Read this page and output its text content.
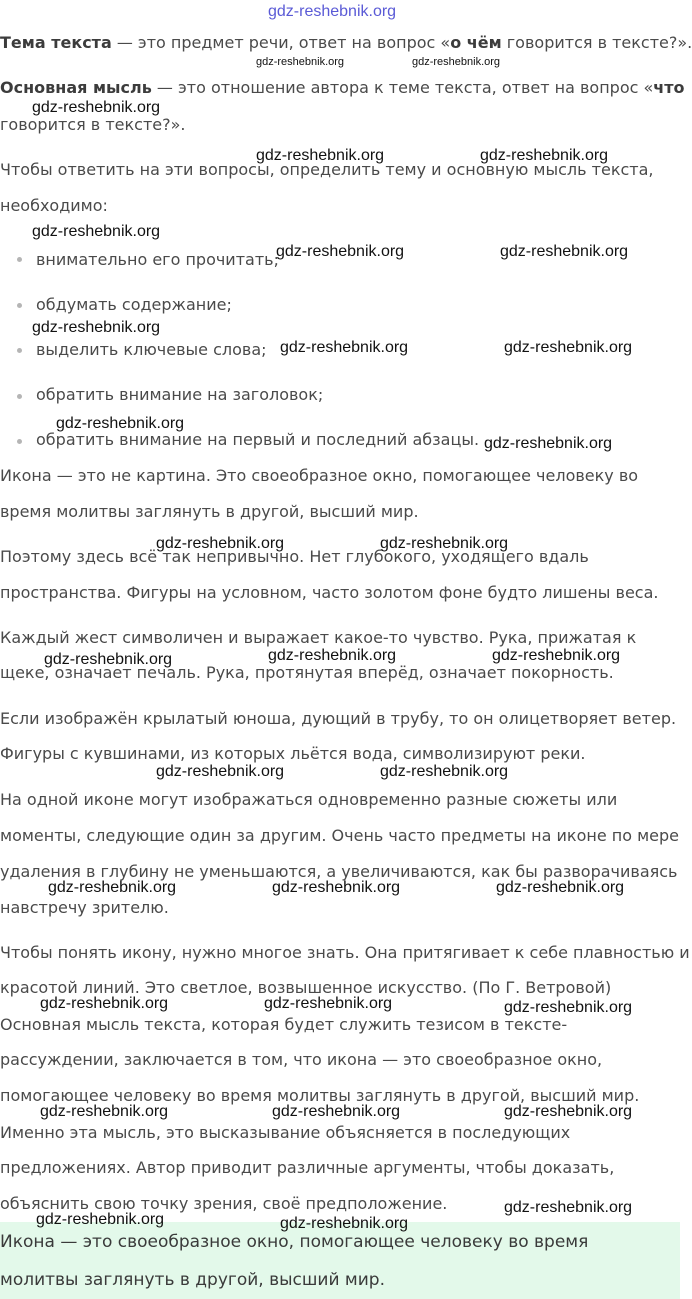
Тема текста — это предмет речи, ответ на вопрос «о чём говорится в тексте?».
Основная мысль — это отношение автора к теме текста, ответ на вопрос «что
говорится в тексте?».
Чтобы ответить на эти вопросы, определить тему и основную мысль текста,
необходимо:
внимательно его прочитать;
обдумать содержание;
выделить ключевые слова;
обратить внимание на заголовок;
обратить внимание на первый и последний абзацы.
Икона — это не картина. Это своеобразное окно, помогающее человеку во
время молитвы заглянуть в другой, высший мир.
Поэтому здесь всё так непривычно. Нет глубокого, уходящего вдаль
пространства. Фигуры на условном, часто золотом фоне будто лишены веса.
Каждый жест символичен и выражает какое-то чувство. Рука, прижатая к
щеке, означает печаль. Рука, протянутая вперёд, означает покорность.
Если изображён крылатый юноша, дующий в трубу, то он олицетворяет ветер.
Фигуры с кувшинами, из которых льётся вода, символизируют реки.
На одной иконе могут изображаться одновременно разные сюжеты или
моменты, следующие один за другим. Очень часто предметы на иконе по мере
удаления в глубину не уменьшаются, а увеличиваются, как бы разворачиваясь
навстречу зрителю.
Чтобы понять икону, нужно многое знать. Она притягивает к себе плавностью и
красотой линий. Это светлое, возвышенное искусство. (По Г. Ветровой)
Основная мысль текста, которая будет служить тезисом в тексте-
рассуждении, заключается в том, что икона — это своеобразное окно,
помогающее человеку во время молитвы заглянуть в другой, высший мир.
Именно эта мысль, это высказывание объясняется в последующих
предложениях. Автор приводит различные аргументы, чтобы доказать,
объяснить свою точку зрения, своё предположение.
Икона — это своеобразное окно, помогающее человеку во время
молитвы заглянуть в другой, высший мир.
gdz-reshebnik.org
gdz-reshebnik.org	gdz-reshebnik.org
gdz-reshebnik.org
gdz-reshebnik.org	gdz-reshebnik.org
gdz-reshebnik.org
gdz-reshebnik.org	gdz-reshebnik.org
gdz-reshebnik.org
gdz-reshebnik.org	gdz-reshebnik.org
gdz-reshebnik.org
gdz-reshebnik.org
gdz-reshebnik.org	gdz-reshebnik.org
gdz-reshebnik.org	gdz-reshebnik.org	gdz-reshebnik.org
gdz-reshebnik.org	gdz-reshebnik.org
gdz-reshebnik.org	gdz-reshebnik.org	gdz-reshebnik.org
gdz-reshebnik.org	gdz-reshebnik.org	gdz-reshebnik.org
gdz-reshebnik.org	gdz-reshebnik.org	gdz-reshebnik.org
gdz-reshebnik.org
gdz-reshebnik.org	gdz-reshebnik.org
